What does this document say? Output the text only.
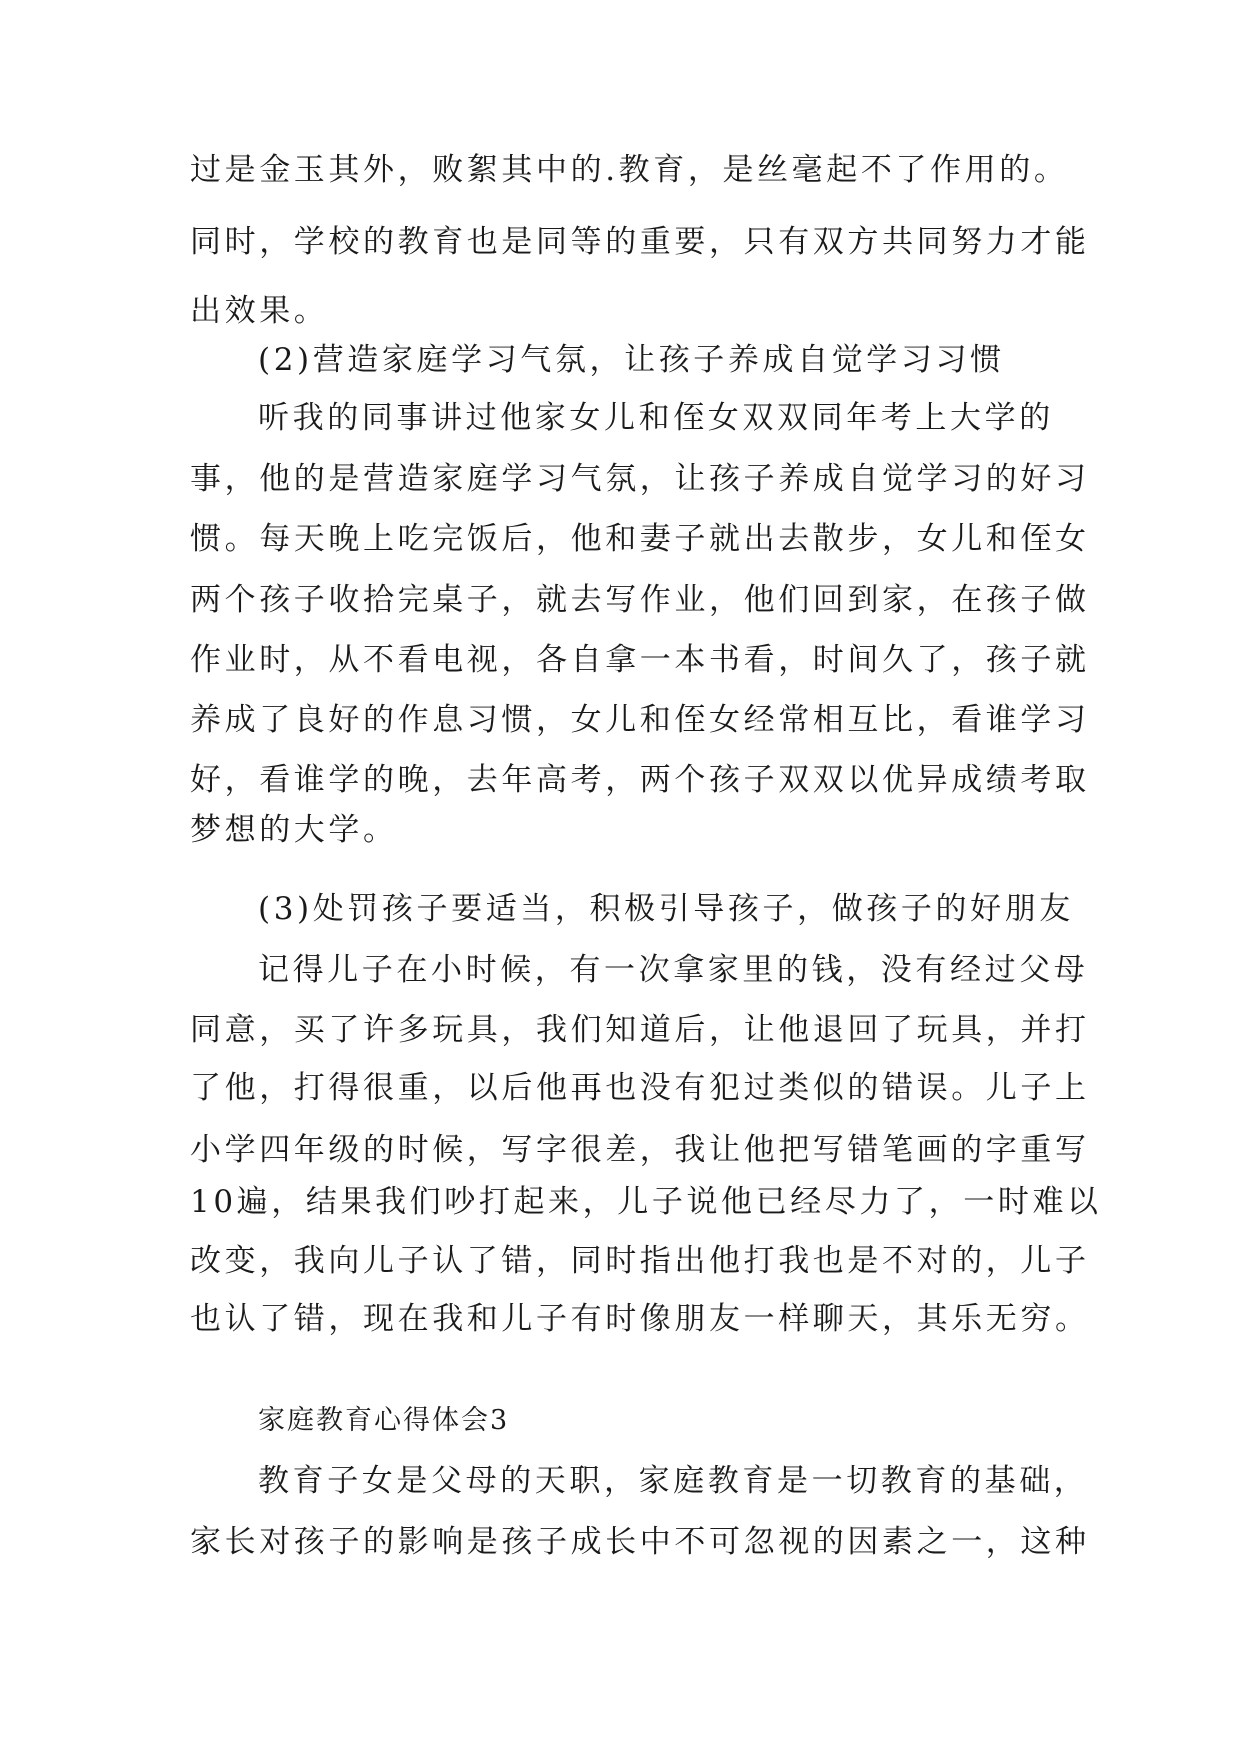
过是金玉其外，败絮其中的.教育，是丝毫起不了作用的。
同时，学校的教育也是同等的重要，只有双方共同努力才能
出效果。
(2)营造家庭学习气氛，让孩子养成自觉学习习惯
听我的同事讲过他家女儿和侄女双双同年考上大学的
事，他的是营造家庭学习气氛，让孩子养成自觉学习的好习
惯。每天晚上吃完饭后，他和妻子就出去散步，女儿和侄女
两个孩子收拾完桌子，就去写作业，他们回到家，在孩子做
作业时，从不看电视，各自拿一本书看，时间久了，孩子就
养成了良好的作息习惯，女儿和侄女经常相互比，看谁学习
好，看谁学的晚，去年高考，两个孩子双双以优异成绩考取
梦想的大学。
(3)处罚孩子要适当，积极引导孩子，做孩子的好朋友
记得儿子在小时候，有一次拿家里的钱，没有经过父母
同意，买了许多玩具，我们知道后，让他退回了玩具，并打
了他，打得很重，以后他再也没有犯过类似的错误。儿子上
小学四年级的时候，写字很差，我让他把写错笔画的字重写
10遍，结果我们吵打起来，儿子说他已经尽力了，一时难以
改变，我向儿子认了错，同时指出他打我也是不对的，儿子
也认了错，现在我和儿子有时像朋友一样聊天，其乐无穷。
家庭教育心得体会3
教育子女是父母的天职，家庭教育是一切教育的基础，
家长对孩子的影响是孩子成长中不可忽视的因素之一，这种
